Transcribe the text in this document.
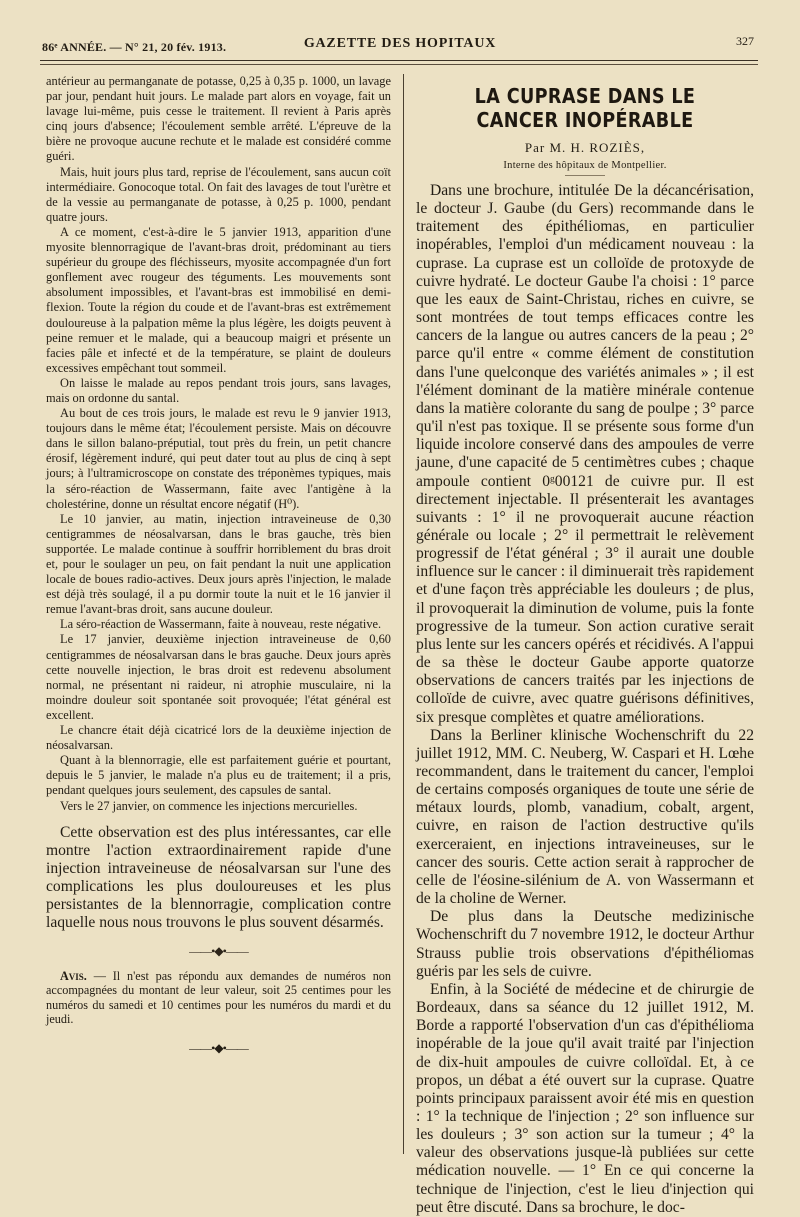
86ᵉ ANNÉE. — N° 21, 20 fév. 1913.	GAZETTE DES HOPITAUX	327

antérieur au permanganate de potasse, 0,25 à 0,35 p. 1000, un lavage par jour, pendant huit jours. Le malade part alors en voyage, fait un lavage lui-même, puis cesse le traitement. Il revient à Paris après cinq jours d'absence; l'écoulement semble arrêté. L'épreuve de la bière ne provoque aucune rechute et le malade est considéré comme guéri.

Mais, huit jours plus tard, reprise de l'écoulement, sans aucun coït intermédiaire. Gonocoque total. On fait des lavages de tout l'urètre et de la vessie au permanganate de potasse, à 0,25 p. 1000, pendant quatre jours.

A ce moment, c'est-à-dire le 5 janvier 1913, apparition d'une myosite blennorragique de l'avant-bras droit, prédominant au tiers supérieur du groupe des fléchisseurs, myosite accompagnée d'un fort gonflement avec rougeur des téguments. Les mouvements sont absolument impossibles, et l'avant-bras est immobilisé en demi-flexion. Toute la région du coude et de l'avant-bras est extrêmement douloureuse à la palpation même la plus légère, les doigts peuvent à peine remuer et le malade, qui a beaucoup maigri et présente un facies pâle et infecté et de la température, se plaint de douleurs excessives empêchant tout sommeil.

On laisse le malade au repos pendant trois jours, sans lavages, mais on ordonne du santal.

Au bout de ces trois jours, le malade est revu le 9 janvier 1913, toujours dans le même état; l'écoulement persiste. Mais on découvre dans le sillon balano-préputial, tout près du frein, un petit chancre érosif, légèrement induré, qui peut dater tout au plus de cinq à sept jours; à l'ultramicroscope on constate des tréponèmes typiques, mais la séro-réaction de Wassermann, faite avec l'antigène à la cholestérine, donne un résultat encore négatif (H⁰).

Le 10 janvier, au matin, injection intraveineuse de 0,30 centigrammes de néosalvarsan, dans le bras gauche, très bien supportée. Le malade continue à souffrir horriblement du bras droit et, pour le soulager un peu, on fait pendant la nuit une application locale de boues radio-actives. Deux jours après l'injection, le malade est déjà très soulagé, il a pu dormir toute la nuit et le 16 janvier il remue l'avant-bras droit, sans aucune douleur.

La séro-réaction de Wassermann, faite à nouveau, reste négative.

Le 17 janvier, deuxième injection intraveineuse de 0,60 centigrammes de néosalvarsan dans le bras gauche. Deux jours après cette nouvelle injection, le bras droit est redevenu absolument normal, ne présentant ni raideur, ni atrophie musculaire, ni la moindre douleur soit spontanée soit provoquée; l'état général est excellent.

Le chancre était déjà cicatricé lors de la deuxième injection de néosalvarsan.

Quant à la blennorragie, elle est parfaitement guérie et pourtant, depuis le 5 janvier, le malade n'a plus eu de traitement; il a pris, pendant quelques jours seulement, des capsules de santal.

Vers le 27 janvier, on commence les injections mercurielles.

Cette observation est des plus intéressantes, car elle montre l'action extraordinairement rapide d'une injection intraveineuse de néosalvarsan sur l'une des complications les plus douloureuses et les plus persistantes de la blennorragie, complication contre laquelle nous nous trouvons le plus souvent désarmés.

——•◆•——

Avis. — Il n'est pas répondu aux demandes de numéros non accompagnées du montant de leur valeur, soit 25 centimes pour les numéros du samedi et 10 centimes pour les numéros du mardi et du jeudi.

——•◆•——
LA CUPRASE DANS LE CANCER INOPÉRABLE
Par M. H. ROZIÈS,
Interne des hôpitaux de Montpellier.

Dans une brochure, intitulée De la décancérisation, le docteur J. Gaube (du Gers) recommande dans le traitement des épithéliomas, en particulier inopérables, l'emploi d'un médicament nouveau : la cuprase. La cuprase est un colloïde de protoxyde de cuivre hydraté. Le docteur Gaube l'a choisi : 1° parce que les eaux de Saint-Christau, riches en cuivre, se sont montrées de tout temps efficaces contre les cancers de la langue ou autres cancers de la peau ; 2° parce qu'il entre « comme élément de constitution dans l'une quelconque des variétés animales » ; il est l'élément dominant de la matière minérale contenue dans la matière colorante du sang de poulpe ; 3° parce qu'il n'est pas toxique. Il se présente sous forme d'un liquide incolore conservé dans des ampoules de verre jaune, d'une capacité de 5 centimètres cubes ; chaque ampoule contient 0ᵍ00121 de cuivre pur. Il est directement injectable. Il présenterait les avantages suivants : 1° il ne provoquerait aucune réaction générale ou locale ; 2° il permettrait le relèvement progressif de l'état général ; 3° il aurait une double influence sur le cancer : il diminuerait très rapidement et d'une façon très appréciable les douleurs ; de plus, il provoquerait la diminution de volume, puis la fonte progressive de la tumeur. Son action curative serait plus lente sur les cancers opérés et récidivés. A l'appui de sa thèse le docteur Gaube apporte quatorze observations de cancers traités par les injections de colloïde de cuivre, avec quatre guérisons définitives, six presque complètes et quatre améliorations.

Dans la Berliner klinische Wochenschrift du 22 juillet 1912, MM. C. Neuberg, W. Caspari et H. Lœhe recommandent, dans le traitement du cancer, l'emploi de certains composés organiques de toute une série de métaux lourds, plomb, vanadium, cobalt, argent, cuivre, en raison de l'action destructive qu'ils exerceraient, en injections intraveineuses, sur le cancer des souris. Cette action serait à rapprocher de celle de l'éosine-silénium de A. von Wassermann et de la choline de Werner.

De plus dans la Deutsche medizinische Wochenschrift du 7 novembre 1912, le docteur Arthur Strauss publie trois observations d'épithéliomas guéris par les sels de cuivre.

Enfin, à la Société de médecine et de chirurgie de Bordeaux, dans sa séance du 12 juillet 1912, M. Borde a rapporté l'observation d'un cas d'épithélioma inopérable de la joue qu'il avait traité par l'injection de dix-huit ampoules de cuivre colloïdal. Et, à ce propos, un débat a été ouvert sur la cuprase. Quatre points principaux paraissent avoir été mis en question : 1° la technique de l'injection ; 2° son influence sur les douleurs ; 3° son action sur la tumeur ; 4° la valeur des observations jusque-là publiées sur cette médication nouvelle. — 1° En ce qui concerne la technique de l'injection, c'est le lieu d'injection qui peut être discuté. Dans sa brochure, le doc-
